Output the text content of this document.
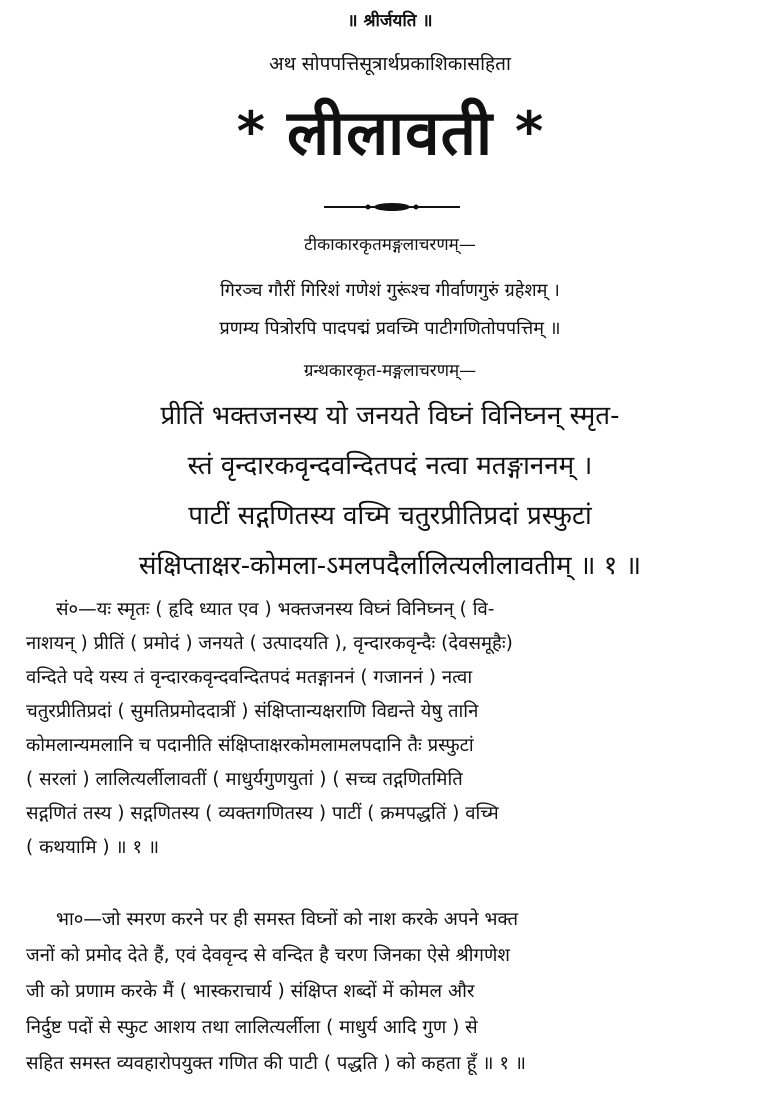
॥ श्रीर्जयति ॥
अथ सोपपत्तिसूत्रार्थप्रकाशिकासहिता
* लीलावती *
टीकाकारकृतमङ्गलाचरणम्—
गिरञ्च गौरीं गिरिशं गणेशं गुरूंश्च गीर्वाणगुरुं ग्रहेशम् ।
प्रणम्य पित्रोरपि पादपद्मं प्रवच्मि पाटीगणितोपपत्तिम् ॥
ग्रन्थकारकृत-मङ्गलाचरणम्—
प्रीतिं भक्तजनस्य यो जनयते विघ्नं विनिघ्नन् स्मृत-
स्तं वृन्दारकवृन्दवन्दितपदं नत्वा मतङ्गाननम् ।
पाटीं सद्गणितस्य वच्मि चतुरप्रीतिप्रदां प्रस्फुटां
संक्षिप्ताक्षर-कोमला-ऽमलपदैर्लालित्यलीलावतीम् ॥ १ ॥
सं०—यः स्मृतः ( हृदि ध्यात एव ) भक्तजनस्य विघ्नं विनिघ्नन् ( वि-
नाशयन् ) प्रीतिं ( प्रमोदं ) जनयते ( उत्पादयति ), वृन्दारकवृन्दैः (देवसमूहैः)
वन्दिते पदे यस्य तं वृन्दारकवृन्दवन्दितपदं मतङ्गाननं ( गजाननं ) नत्वा
चतुरप्रीतिप्रदां ( सुमतिप्रमोददात्रीं ) संक्षिप्तान्यक्षराणि विद्यन्ते येषु तानि
कोमलान्यमलानि च पदानीति संक्षिप्ताक्षरकोमलामलपदानि तैः प्रस्फुटां
( सरलां ) लालित्यर्लीलावतीं ( माधुर्यगुणयुतां ) ( सच्च तद्गणितमिति
सद्गणितं तस्य ) सद्गणितस्य ( व्यक्तगणितस्य ) पाटीं ( क्रमपद्धतिं ) वच्मि
( कथयामि ) ॥ १ ॥
भा०—जो स्मरण करने पर ही समस्त विघ्नों को नाश करके अपने भक्त
जनों को प्रमोद देते हैं, एवं देववृन्द से वन्दित है चरण जिनका ऐसे श्रीगणेश
जी को प्रणाम करके मैं ( भास्कराचार्य ) संक्षिप्त शब्दों में कोमल और
निर्दुष्ट पदों से स्फुट आशय तथा लालित्यर्लीला ( माधुर्य आदि गुण ) से
सहित समस्त व्यवहारोपयुक्त गणित की पाटी ( पद्धति ) को कहता हूँ ॥ १ ॥
